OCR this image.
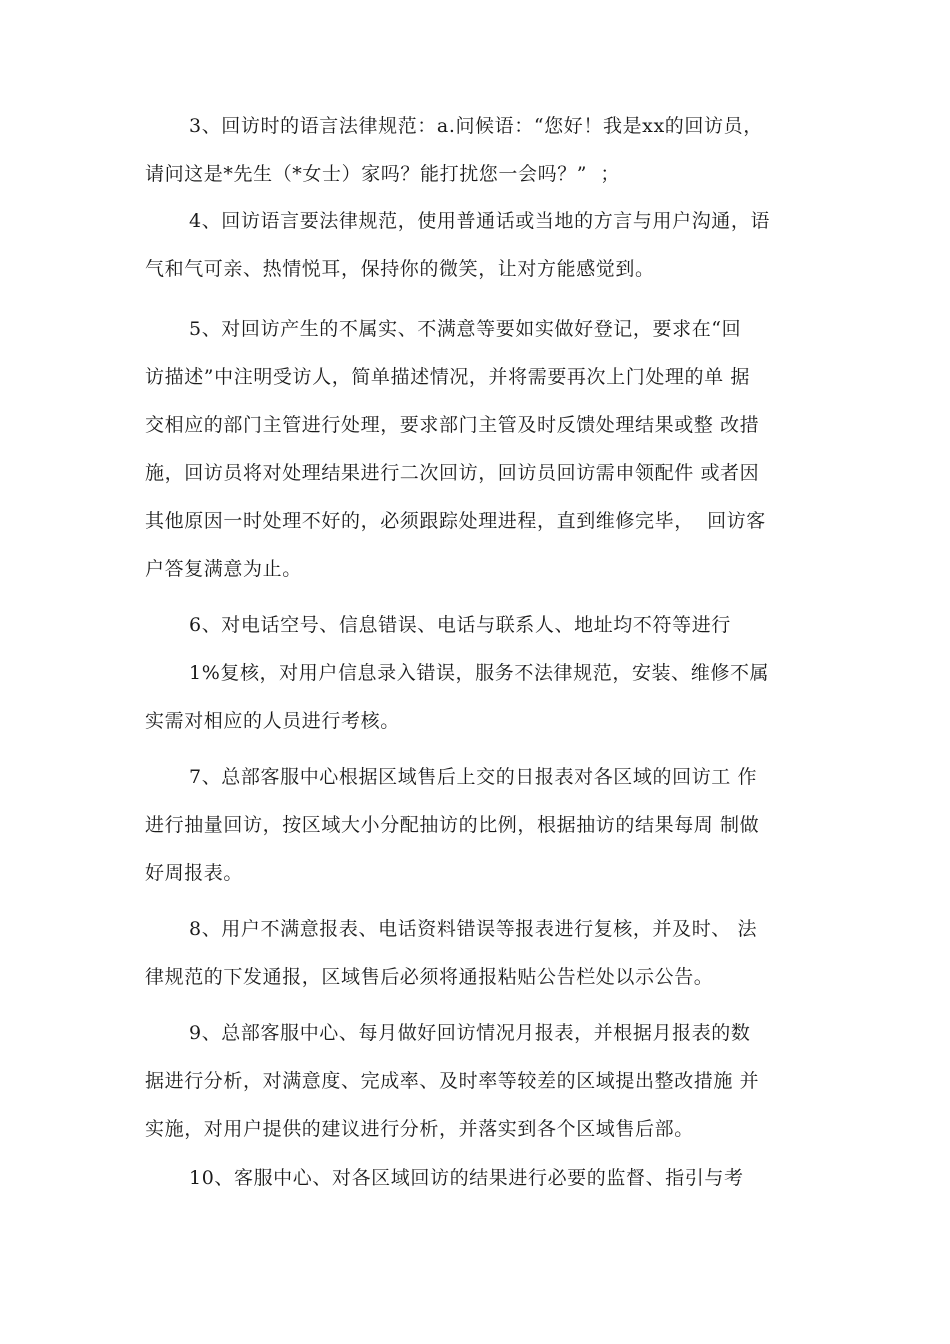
3、回访时的语言法律规范：a.问候语：“您好！我是xx的回访员，
请问这是*先生（*女士）家吗？能打扰您一会吗？”  ；
4、回访语言要法律规范，使用普通话或当地的方言与用户沟通，语
气和气可亲、热情悦耳，保持你的微笑，让对方能感觉到。
5、对回访产生的不属实、不满意等要如实做好登记，要求在“回
访描述”中注明受访人，简单描述情况，并将需要再次上门处理的单 据
交相应的部门主管进行处理，要求部门主管及时反馈处理结果或整 改措
施，回访员将对处理结果进行二次回访，回访员回访需申领配件 或者因
其他原因一时处理不好的，必须跟踪处理进程，直到维修完毕，  回访客
户答复满意为止。
6、对电话空号、信息错误、电话与联系人、地址均不符等进行
1%复核，对用户信息录入错误，服务不法律规范，安装、维修不属
实需对相应的人员进行考核。
7、总部客服中心根据区域售后上交的日报表对各区域的回访工 作
进行抽量回访，按区域大小分配抽访的比例，根据抽访的结果每周 制做
好周报表。
8、用户不满意报表、电话资料错误等报表进行复核，并及时、 法
律规范的下发通报，区域售后必须将通报粘贴公告栏处以示公告。
9、总部客服中心、每月做好回访情况月报表，并根据月报表的数
据进行分析，对满意度、完成率、及时率等较差的区域提出整改措施 并
实施，对用户提供的建议进行分析，并落实到各个区域售后部。
10、客服中心、对各区域回访的结果进行必要的监督、指引与考
